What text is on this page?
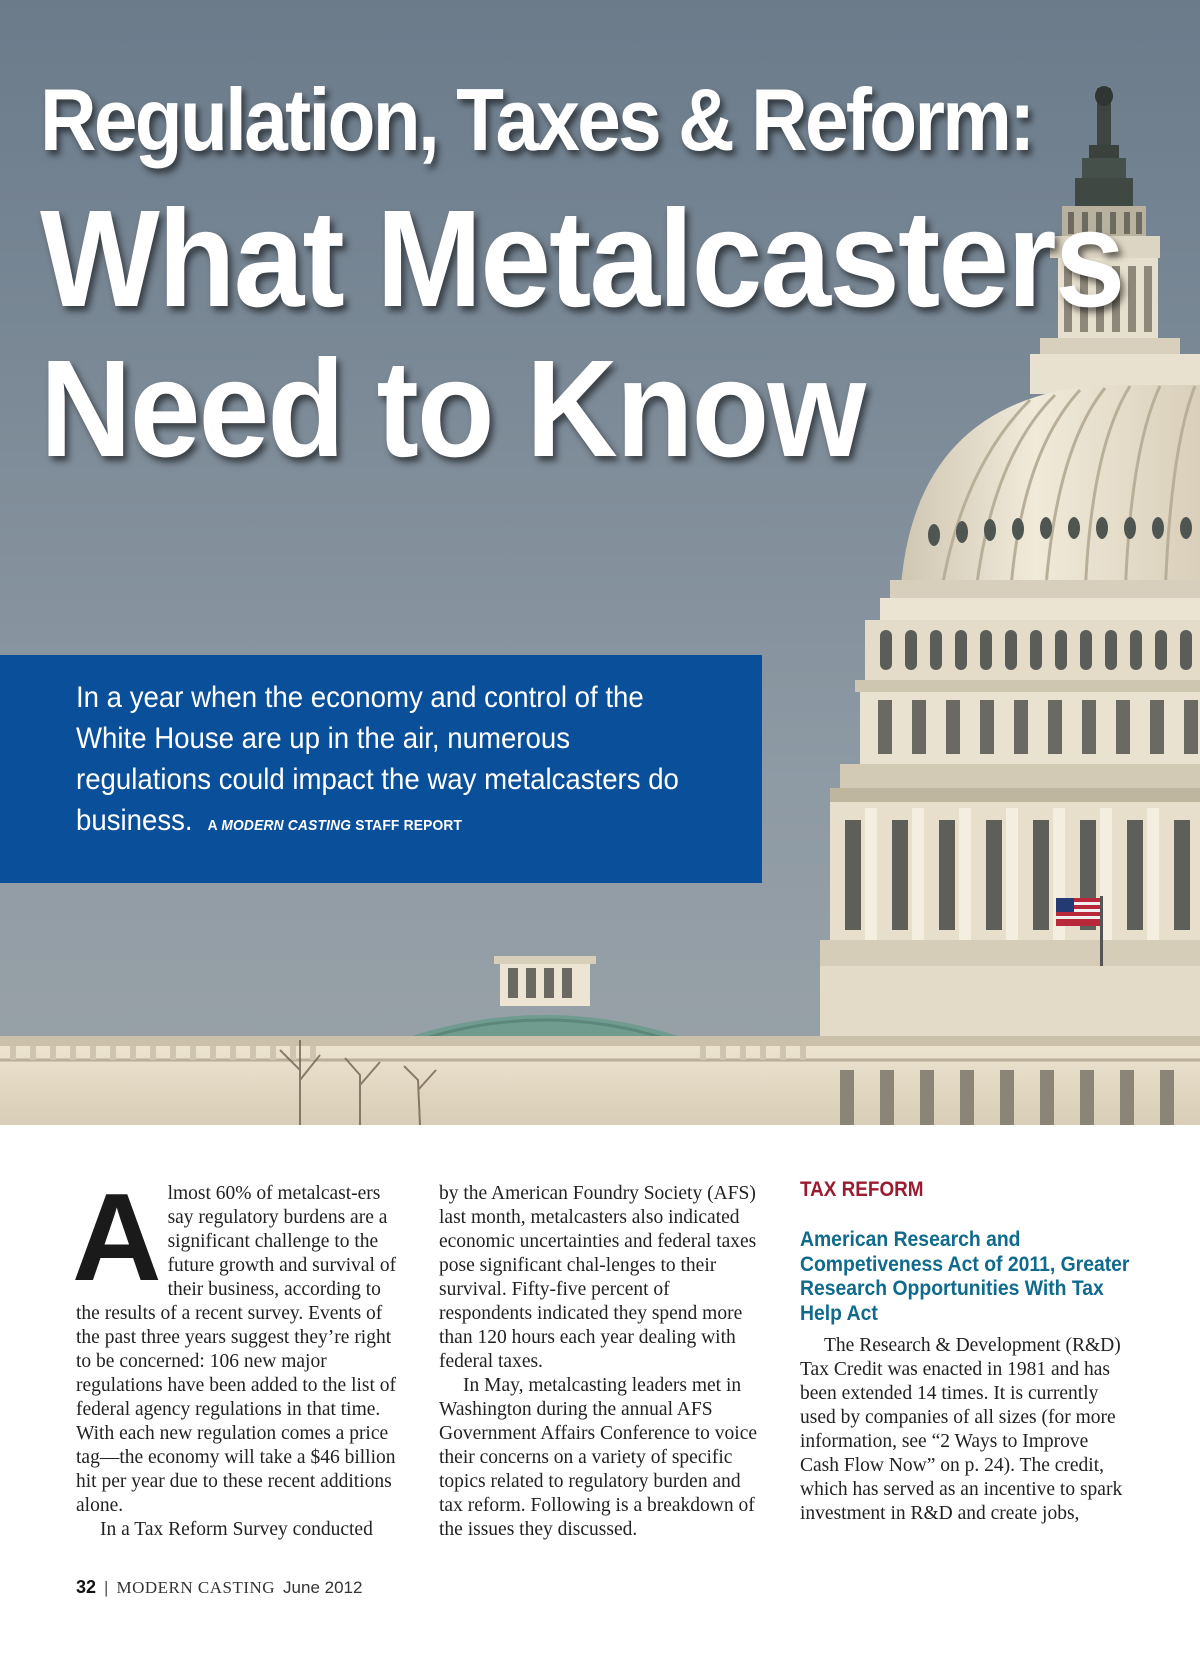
Regulation, Taxes & Reform:
What Metalcasters
Need to Know
In a year when the economy and control of the White House are up in the air, numerous regulations could impact the way metalcasters do business. A MODERN CASTING STAFF REPORT
A lmost 60% of metalcast-ers say regulatory burdens are a significant challenge to the future growth and survival of their business, according to the results of a recent survey. Events of the past three years suggest they’re right to be concerned: 106 new major regulations have been added to the list of federal agency regulations in that time. With each new regulation comes a price tag—the economy will take a $46 billion hit per year due to these recent additions alone.

In a Tax Reform Survey conducted

by the American Foundry Society (AFS) last month, metalcasters also indicated economic uncertainties and federal taxes pose significant chal-lenges to their survival. Fifty-five percent of respondents indicated they spend more than 120 hours each year dealing with federal taxes.

In May, metalcasting leaders met in Washington during the annual AFS Government Affairs Conference to voice their concerns on a variety of specific topics related to regulatory burden and tax reform. Following is a breakdown of the issues they discussed.

TAX REFORM
American Research and Competiveness Act of 2011, Greater Research Opportunities With Tax Help Act

The Research & Development (R&D) Tax Credit was enacted in 1981 and has been extended 14 times. It is currently used by companies of all sizes (for more information, see “2 Ways to Improve Cash Flow Now” on p. 24). The credit, which has served as an incentive to spark investment in R&D and create jobs,

32 | MODERN CASTING June 2012
